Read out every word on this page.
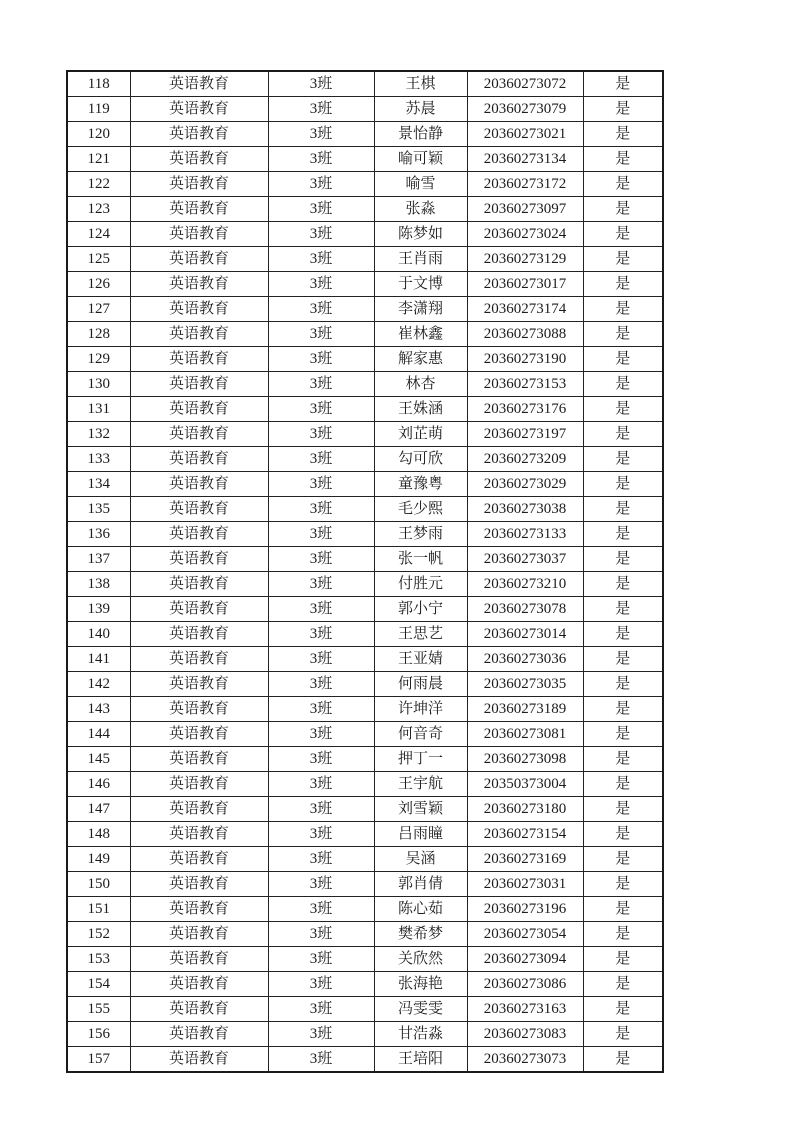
118	英语教育	3班	王棋	20360273072	是
119	英语教育	3班	苏晨	20360273079	是
120	英语教育	3班	景怡静	20360273021	是
121	英语教育	3班	喻可颖	20360273134	是
122	英语教育	3班	喻雪	20360273172	是
123	英语教育	3班	张淼	20360273097	是
124	英语教育	3班	陈梦如	20360273024	是
125	英语教育	3班	王肖雨	20360273129	是
126	英语教育	3班	于文博	20360273017	是
127	英语教育	3班	李潇翔	20360273174	是
128	英语教育	3班	崔林鑫	20360273088	是
129	英语教育	3班	解家惠	20360273190	是
130	英语教育	3班	林杏	20360273153	是
131	英语教育	3班	王姝涵	20360273176	是
132	英语教育	3班	刘芷萌	20360273197	是
133	英语教育	3班	勾可欣	20360273209	是
134	英语教育	3班	童豫粤	20360273029	是
135	英语教育	3班	毛少熙	20360273038	是
136	英语教育	3班	王梦雨	20360273133	是
137	英语教育	3班	张一帆	20360273037	是
138	英语教育	3班	付胜元	20360273210	是
139	英语教育	3班	郭小宁	20360273078	是
140	英语教育	3班	王思艺	20360273014	是
141	英语教育	3班	王亚婧	20360273036	是
142	英语教育	3班	何雨晨	20360273035	是
143	英语教育	3班	许坤洋	20360273189	是
144	英语教育	3班	何音奇	20360273081	是
145	英语教育	3班	押丁一	20360273098	是
146	英语教育	3班	王宇航	20350373004	是
147	英语教育	3班	刘雪颖	20360273180	是
148	英语教育	3班	吕雨瞳	20360273154	是
149	英语教育	3班	吴涵	20360273169	是
150	英语教育	3班	郭肖倩	20360273031	是
151	英语教育	3班	陈心茹	20360273196	是
152	英语教育	3班	樊希梦	20360273054	是
153	英语教育	3班	关欣然	20360273094	是
154	英语教育	3班	张海艳	20360273086	是
155	英语教育	3班	冯雯雯	20360273163	是
156	英语教育	3班	甘浩淼	20360273083	是
157	英语教育	3班	王培阳	20360273073	是
